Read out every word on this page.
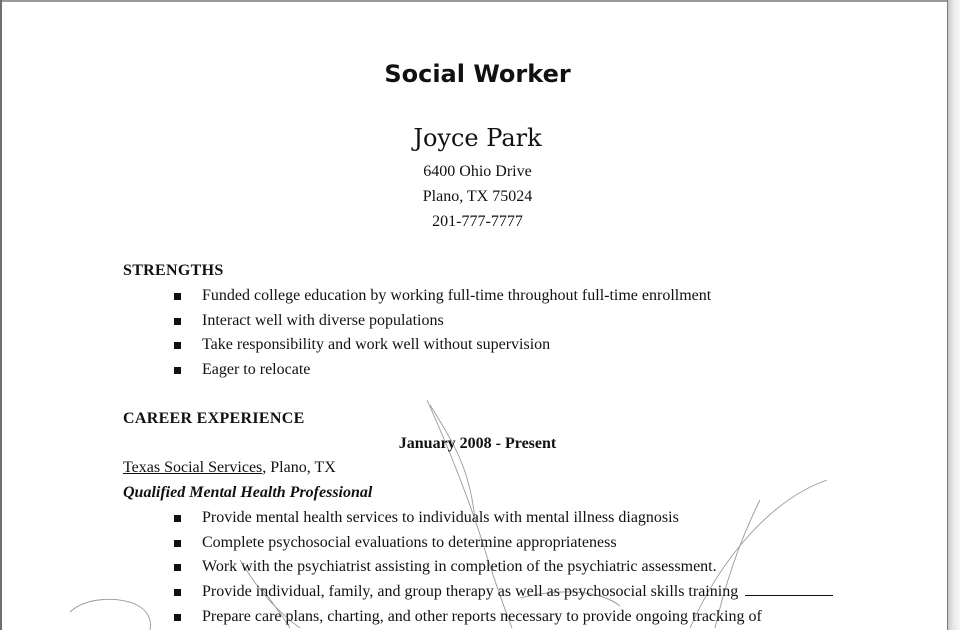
Social Worker
Joyce Park
6400 Ohio Drive
Plano, TX 75024
201-777-7777
STRENGTHS
Funded college education by working full-time throughout full-time enrollment
Interact well with diverse populations
Take responsibility and work well without supervision
Eager to relocate
CAREER EXPERIENCE
January 2008 - Present
Texas Social Services, Plano, TX
Qualified Mental Health Professional
Provide mental health services to individuals with mental illness diagnosis
Complete psychosocial evaluations to determine appropriateness
Work with the psychiatrist assisting in completion of the psychiatric assessment.
Provide individual, family, and group therapy as well as psychosocial skills training
Prepare care plans, charting, and other reports necessary to provide ongoing tracking of
